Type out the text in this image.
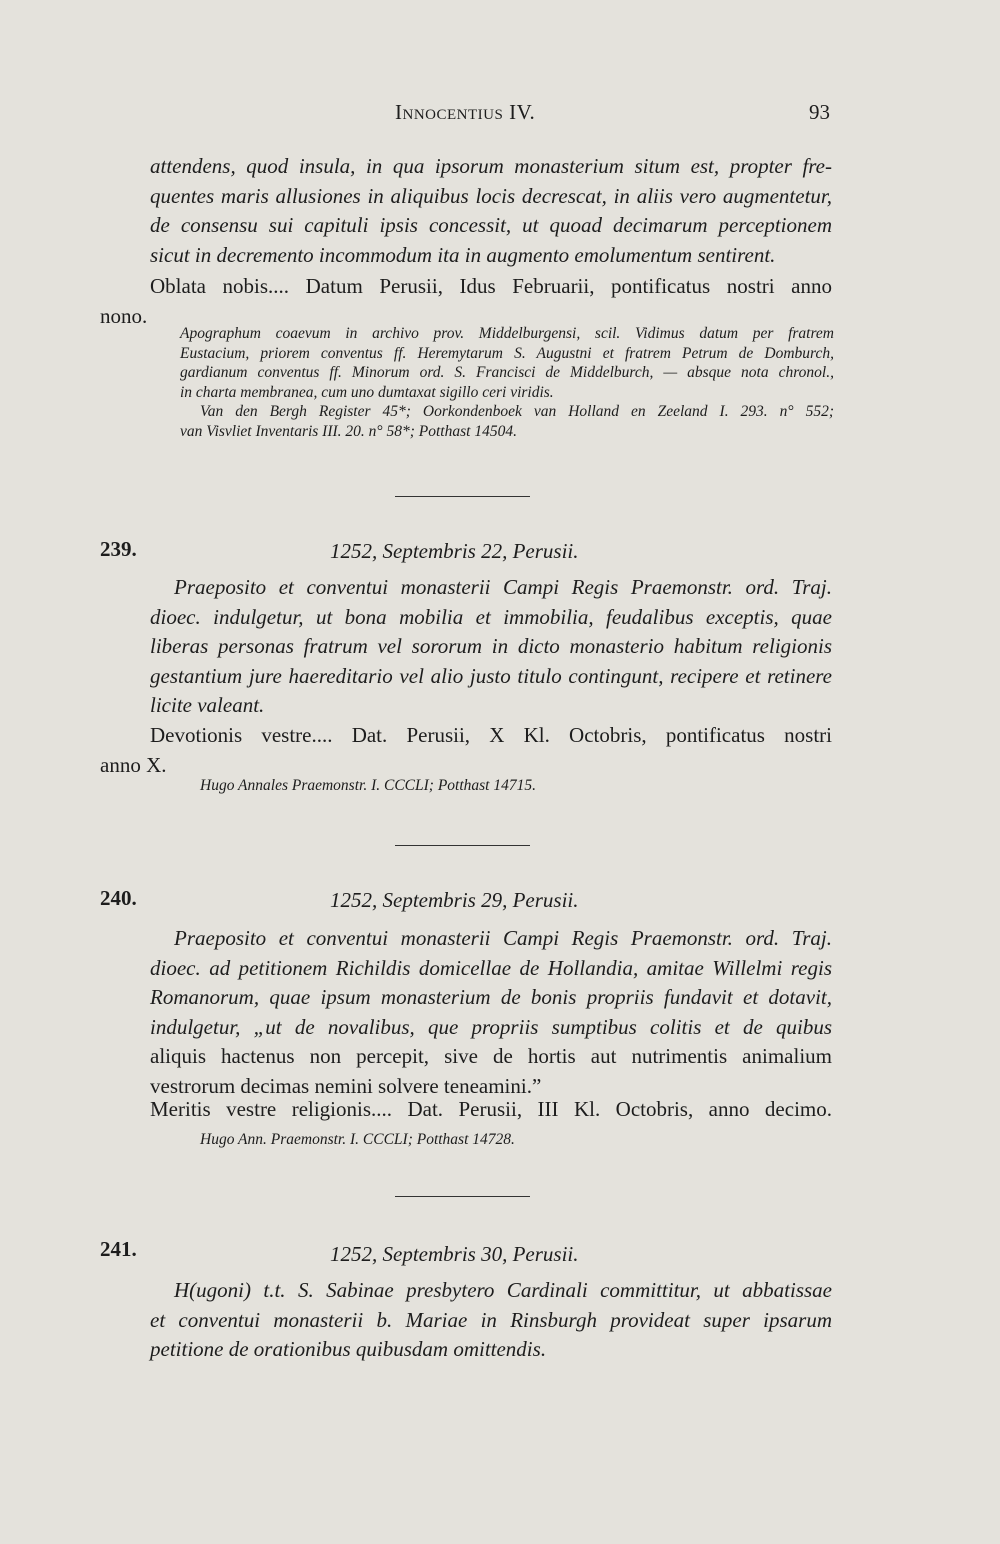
Innocentius IV.	93

attendens, quod insula, in qua ipsorum monasterium situm est, propter fre-

quentes maris allusiones in aliquibus locis decrescat, in aliis vero augmentetur,

de consensu sui capituli ipsis concessit, ut quoad decimarum perceptionem

sicut in decremento incommodum ita in augmento emolumentum sentirent.

Oblata nobis.... Datum Perusii, Idus Februarii, pontificatus nostri anno

nono.

Apographum coaevum in archivo prov. Middelburgensi, scil. Vidimus datum per fratrem

Eustacium, priorem conventus ff. Heremytarum S. Augustni et fratrem Petrum de Domburch,

gardianum conventus ff. Minorum ord. S. Francisci de Middelburch, — absque nota chronol.,

in charta membranea, cum uno dumtaxat sigillo ceri viridis.

Van den Bergh Register 45*; Oorkondenboek van Holland en Zeeland I. 293. n° 552;

van Visvliet Inventaris III. 20. n° 58*; Potthast 14504.

239.	1252, Septembris 22, Perusii.

Praeposito et conventui monasterii Campi Regis Praemonstr. ord. Traj.

dioec. indulgetur, ut bona mobilia et immobilia, feudalibus exceptis, quae

liberas personas fratrum vel sororum in dicto monasterio habitum religionis

gestantium jure haereditario vel alio justo titulo contingunt, recipere et retinere

licite valeant.

Devotionis vestre.... Dat. Perusii, X Kl. Octobris, pontificatus nostri

anno X.

Hugo Annales Praemonstr. I. CCCLI; Potthast 14715.

240.	1252, Septembris 29, Perusii.

Praeposito et conventui monasterii Campi Regis Praemonstr. ord. Traj.

dioec. ad petitionem Richildis domicellae de Hollandia, amitae Willelmi regis

Romanorum, quae ipsum monasterium de bonis propriis fundavit et dotavit,

indulgetur, „ut de novalibus, que propriis sumptibus colitis et de quibus

aliquis hactenus non percepit, sive de hortis aut nutrimentis animalium

vestrorum decimas nemini solvere teneamini.”

Meritis vestre religionis.... Dat. Perusii, III Kl. Octobris, anno decimo.

Hugo Ann. Praemonstr. I. CCCLI; Potthast 14728.

241.	1252, Septembris 30, Perusii.

H(ugoni) t.t. S. Sabinae presbytero Cardinali committitur, ut abbatissae

et conventui monasterii b. Mariae in Rinsburgh provideat super ipsarum

petitione de orationibus quibusdam omittendis.
